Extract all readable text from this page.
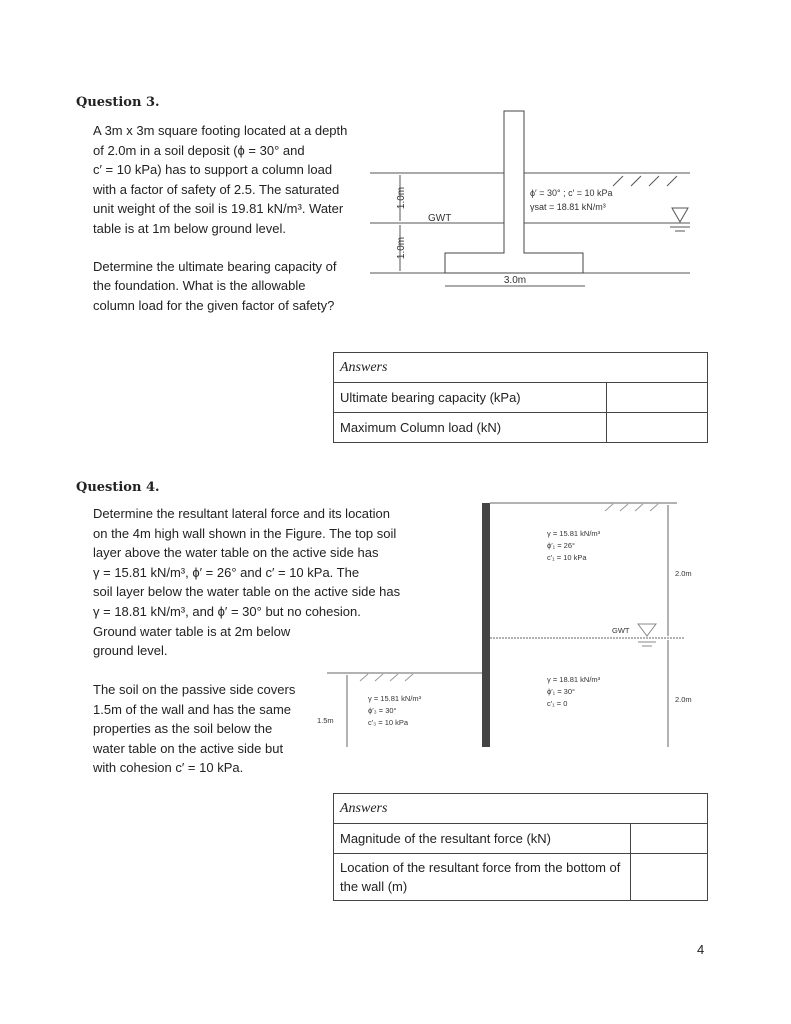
Question 3.
A 3m x 3m square footing located at a depth
of 2.0m in a soil deposit (ϕ = 30° and
c′ = 10 kPa) has to support a column load
with a factor of safety of 2.5. The saturated
unit weight of the soil is 19.81 kN/m³. Water
table is at 1m below ground level.
Determine the ultimate bearing capacity of
the foundation. What is the allowable
column load for the given factor of safety?
1.0m
1.0m
GWT
ϕ′ = 30° ; c′ = 10 kPa
γsat = 18.81 kN/m³
3.0m
Answers	
Ultimate bearing capacity (kPa)	
Maximum Column load (kN)	
Question 4.
Determine the resultant lateral force and its location
on the 4m high wall shown in the Figure. The top soil
layer above the water table on the active side has
γ = 15.81 kN/m³, ϕ′ = 26° and c′ = 10 kPa. The
soil layer below the water table on the active side has
γ = 18.81 kN/m³, and ϕ′ = 30° but no cohesion.
Ground water table is at 2m below
ground level.
The soil on the passive side covers
1.5m of the wall and has the same
properties as the soil below the
water table on the active side but
with cohesion c′ = 10 kPa.
γ = 15.81 kN/m³
ϕ′₁ = 26°
c′₁ = 10 kPa
γ = 18.81 kN/m³
ϕ′₁ = 30°
c′₁ = 0
γ = 15.81 kN/m³
ϕ′₃ = 30°
c′₃ = 10 kPa
2.0m
2.0m
1.5m
GWT
Answers	
Magnitude of the resultant force (kN)	
Location of the resultant force from the bottom of the wall (m)	
4
